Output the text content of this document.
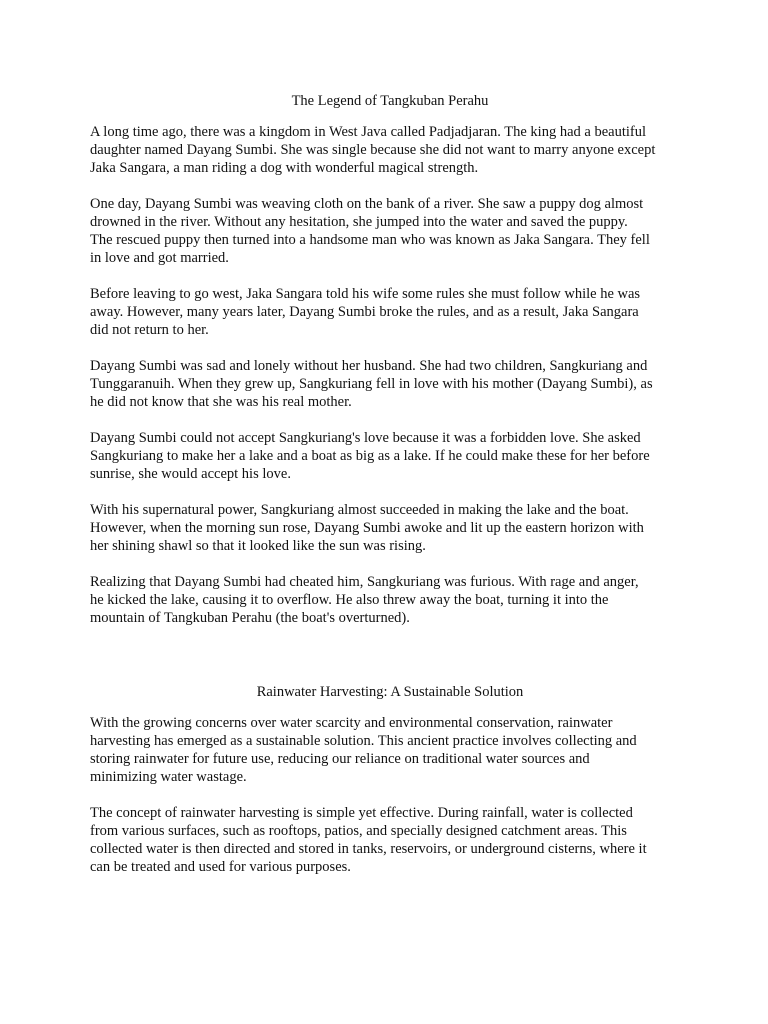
The Legend of Tangkuban Perahu

A long time ago, there was a kingdom in West Java called Padjadjaran. The king had a beautiful
daughter named Dayang Sumbi. She was single because she did not want to marry anyone except
Jaka Sangara, a man riding a dog with wonderful magical strength.

One day, Dayang Sumbi was weaving cloth on the bank of a river. She saw a puppy dog almost
drowned in the river. Without any hesitation, she jumped into the water and saved the puppy.
The rescued puppy then turned into a handsome man who was known as Jaka Sangara. They fell
in love and got married.

Before leaving to go west, Jaka Sangara told his wife some rules she must follow while he was
away. However, many years later, Dayang Sumbi broke the rules, and as a result, Jaka Sangara
did not return to her.

Dayang Sumbi was sad and lonely without her husband. She had two children, Sangkuriang and
Tunggaranuih. When they grew up, Sangkuriang fell in love with his mother (Dayang Sumbi), as
he did not know that she was his real mother.

Dayang Sumbi could not accept Sangkuriang's love because it was a forbidden love. She asked
Sangkuriang to make her a lake and a boat as big as a lake. If he could make these for her before
sunrise, she would accept his love.

With his supernatural power, Sangkuriang almost succeeded in making the lake and the boat.
However, when the morning sun rose, Dayang Sumbi awoke and lit up the eastern horizon with
her shining shawl so that it looked like the sun was rising.

Realizing that Dayang Sumbi had cheated him, Sangkuriang was furious. With rage and anger,
he kicked the lake, causing it to overflow. He also threw away the boat, turning it into the
mountain of Tangkuban Perahu (the boat's overturned).

Rainwater Harvesting: A Sustainable Solution

With the growing concerns over water scarcity and environmental conservation, rainwater
harvesting has emerged as a sustainable solution. This ancient practice involves collecting and
storing rainwater for future use, reducing our reliance on traditional water sources and
minimizing water wastage.

The concept of rainwater harvesting is simple yet effective. During rainfall, water is collected
from various surfaces, such as rooftops, patios, and specially designed catchment areas. This
collected water is then directed and stored in tanks, reservoirs, or underground cisterns, where it
can be treated and used for various purposes.
